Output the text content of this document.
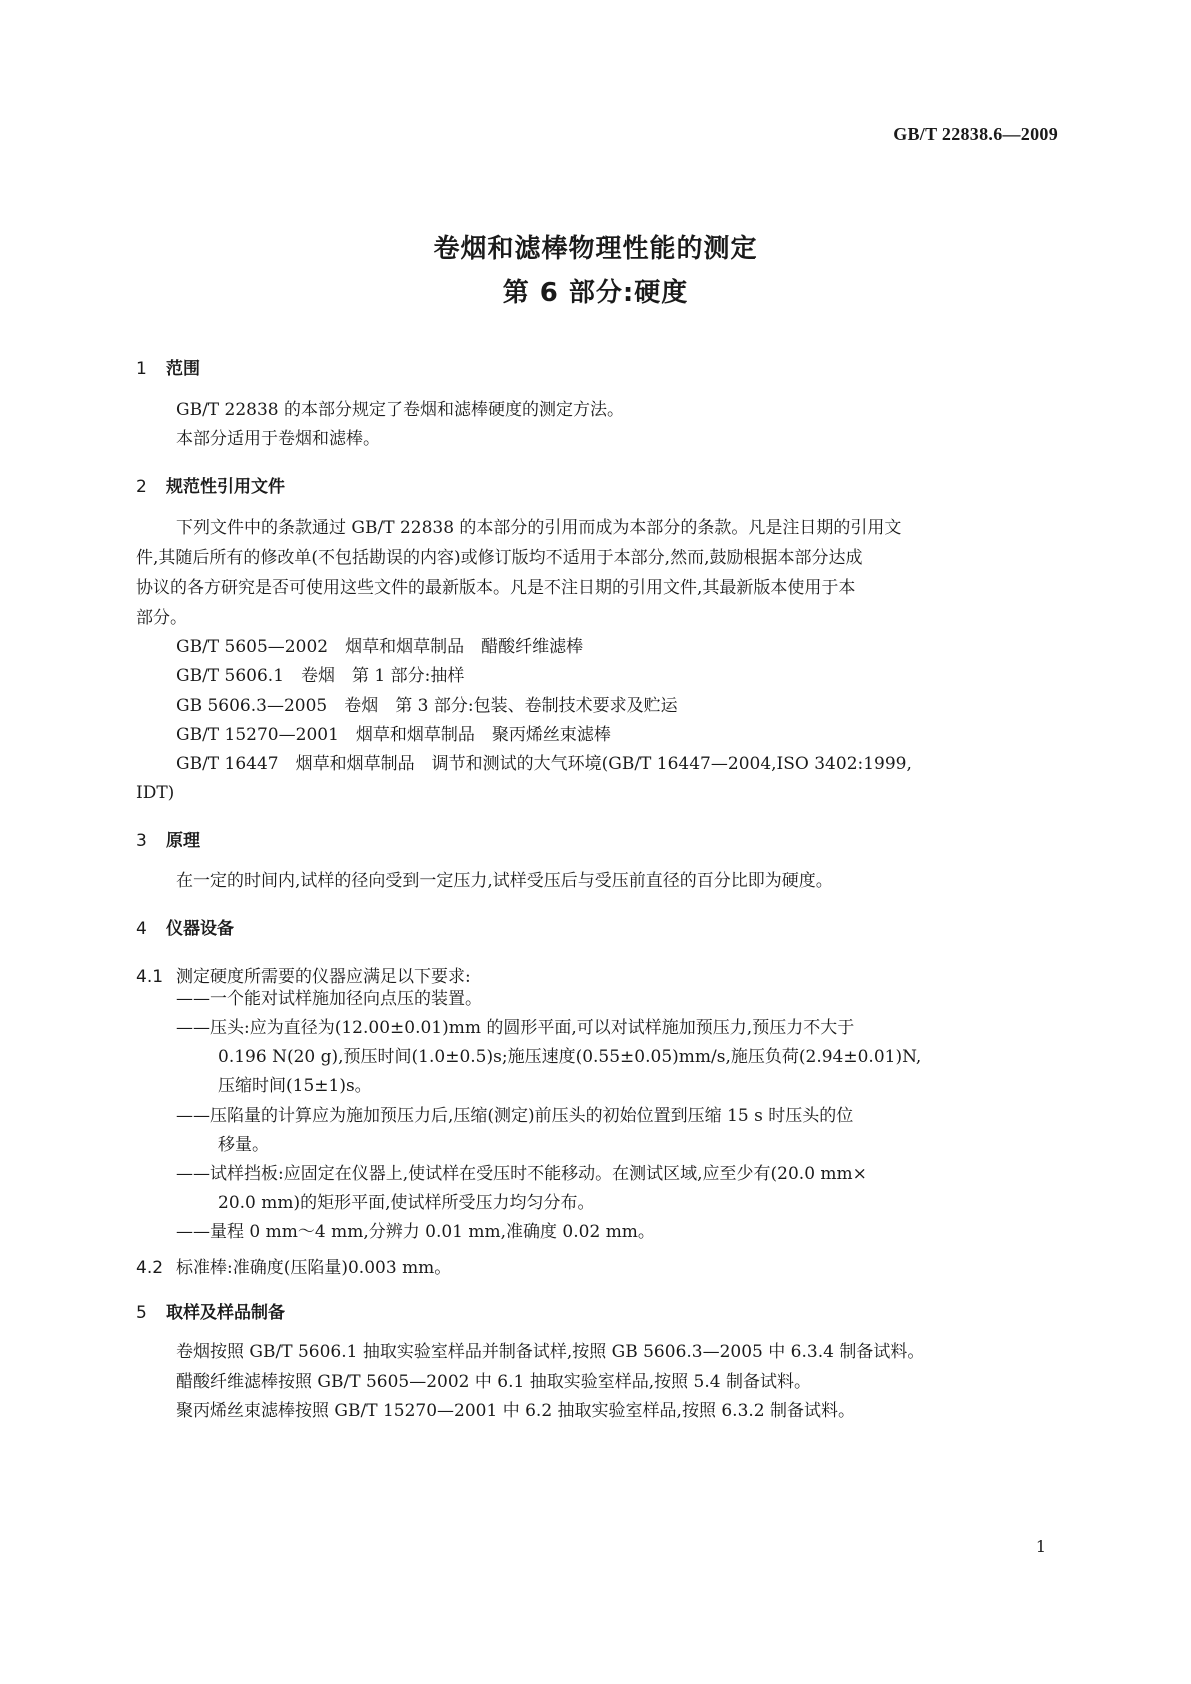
GB/T 22838.6—2009
卷烟和滤棒物理性能的测定
第 6 部分:硬度
1 范围
GB/T 22838 的本部分规定了卷烟和滤棒硬度的测定方法。
本部分适用于卷烟和滤棒。
2 规范性引用文件
下列文件中的条款通过 GB/T 22838 的本部分的引用而成为本部分的条款。凡是注日期的引用文
件,其随后所有的修改单(不包括勘误的内容)或修订版均不适用于本部分,然而,鼓励根据本部分达成
协议的各方研究是否可使用这些文件的最新版本。凡是不注日期的引用文件,其最新版本使用于本
部分。
GB/T 5605—2002　烟草和烟草制品　醋酸纤维滤棒
GB/T 5606.1　卷烟　第 1 部分:抽样
GB 5606.3—2005　卷烟　第 3 部分:包装、卷制技术要求及贮运
GB/T 15270—2001　烟草和烟草制品　聚丙烯丝束滤棒
GB/T 16447　烟草和烟草制品　调节和测试的大气环境(GB/T 16447—2004,ISO 3402:1999,
IDT)
3 原理
在一定的时间内,试样的径向受到一定压力,试样受压后与受压前直径的百分比即为硬度。
4 仪器设备
4.1 测定硬度所需要的仪器应满足以下要求:
——一个能对试样施加径向点压的装置。
——压头:应为直径为(12.00±0.01)mm 的圆形平面,可以对试样施加预压力,预压力不大于
0.196 N(20 g),预压时间(1.0±0.5)s;施压速度(0.55±0.05)mm/s,施压负荷(2.94±0.01)N,
压缩时间(15±1)s。
——压陷量的计算应为施加预压力后,压缩(测定)前压头的初始位置到压缩 15 s 时压头的位
移量。
——试样挡板:应固定在仪器上,使试样在受压时不能移动。在测试区域,应至少有(20.0 mm×
20.0 mm)的矩形平面,使试样所受压力均匀分布。
——量程 0 mm～4 mm,分辨力 0.01 mm,准确度 0.02 mm。
4.2 标准棒:准确度(压陷量)0.003 mm。
5 取样及样品制备
卷烟按照 GB/T 5606.1 抽取实验室样品并制备试样,按照 GB 5606.3—2005 中 6.3.4 制备试料。
醋酸纤维滤棒按照 GB/T 5605—2002 中 6.1 抽取实验室样品,按照 5.4 制备试料。
聚丙烯丝束滤棒按照 GB/T 15270—2001 中 6.2 抽取实验室样品,按照 6.3.2 制备试料。
1
